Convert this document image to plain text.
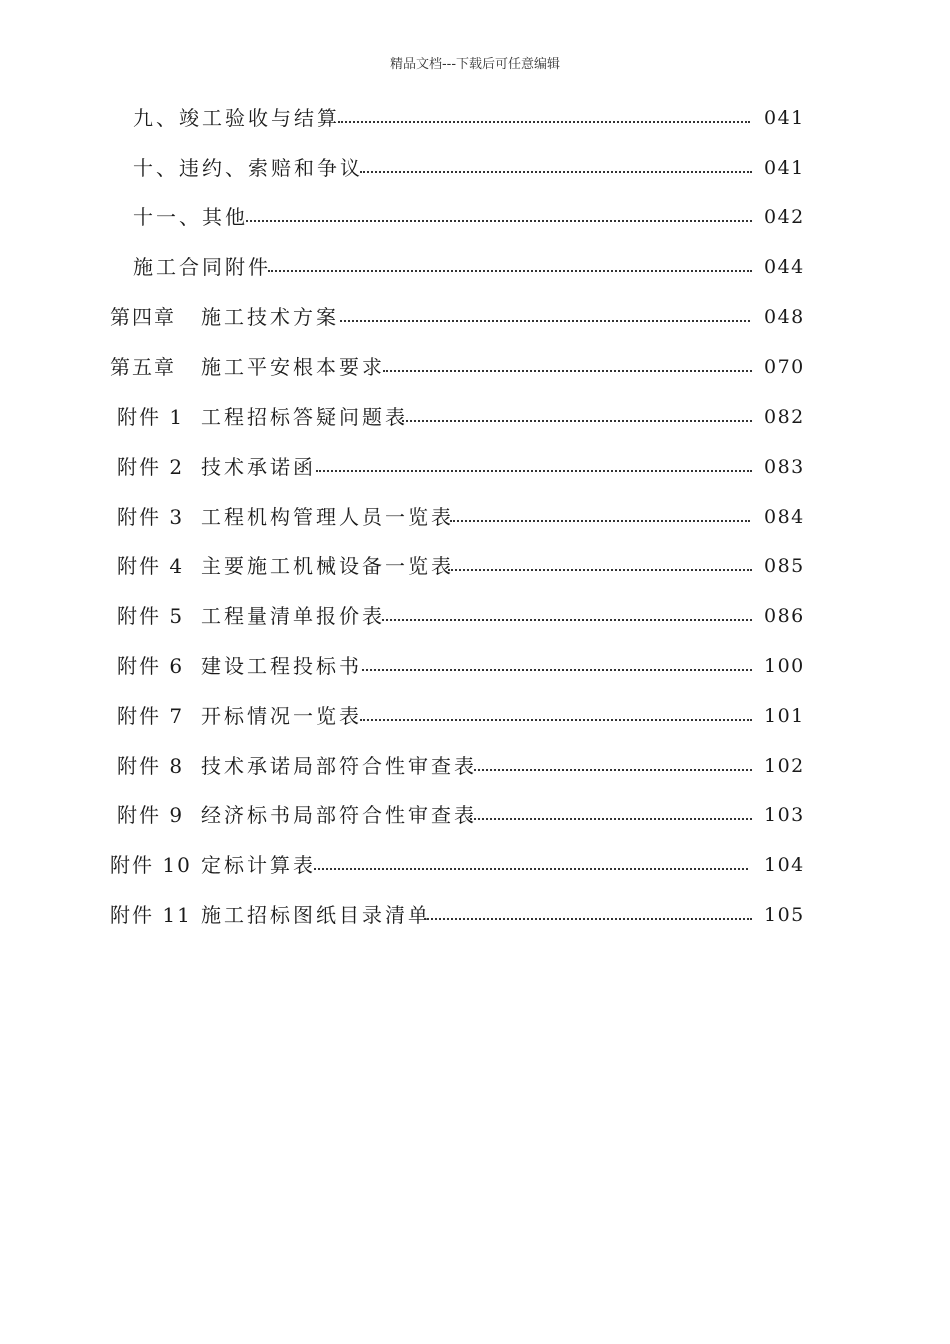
精品文档---下载后可任意编辑
九、竣工验收与结算	041
十、违约、索赔和争议	041
十一、其他	042
施工合同附件	044
第四章 施工技术方案	048
第五章 施工平安根本要求	070
附件 1 工程招标答疑问题表	082
附件 2 技术承诺函	083
附件 3 工程机构管理人员一览表	084
附件 4 主要施工机械设备一览表	085
附件 5 工程量清单报价表	086
附件 6 建设工程投标书	100
附件 7 开标情况一览表	101
附件 8 技术承诺局部符合性审查表	102
附件 9 经济标书局部符合性审查表	103
附件 10 定标计算表	104
附件 11 施工招标图纸目录清单	105
